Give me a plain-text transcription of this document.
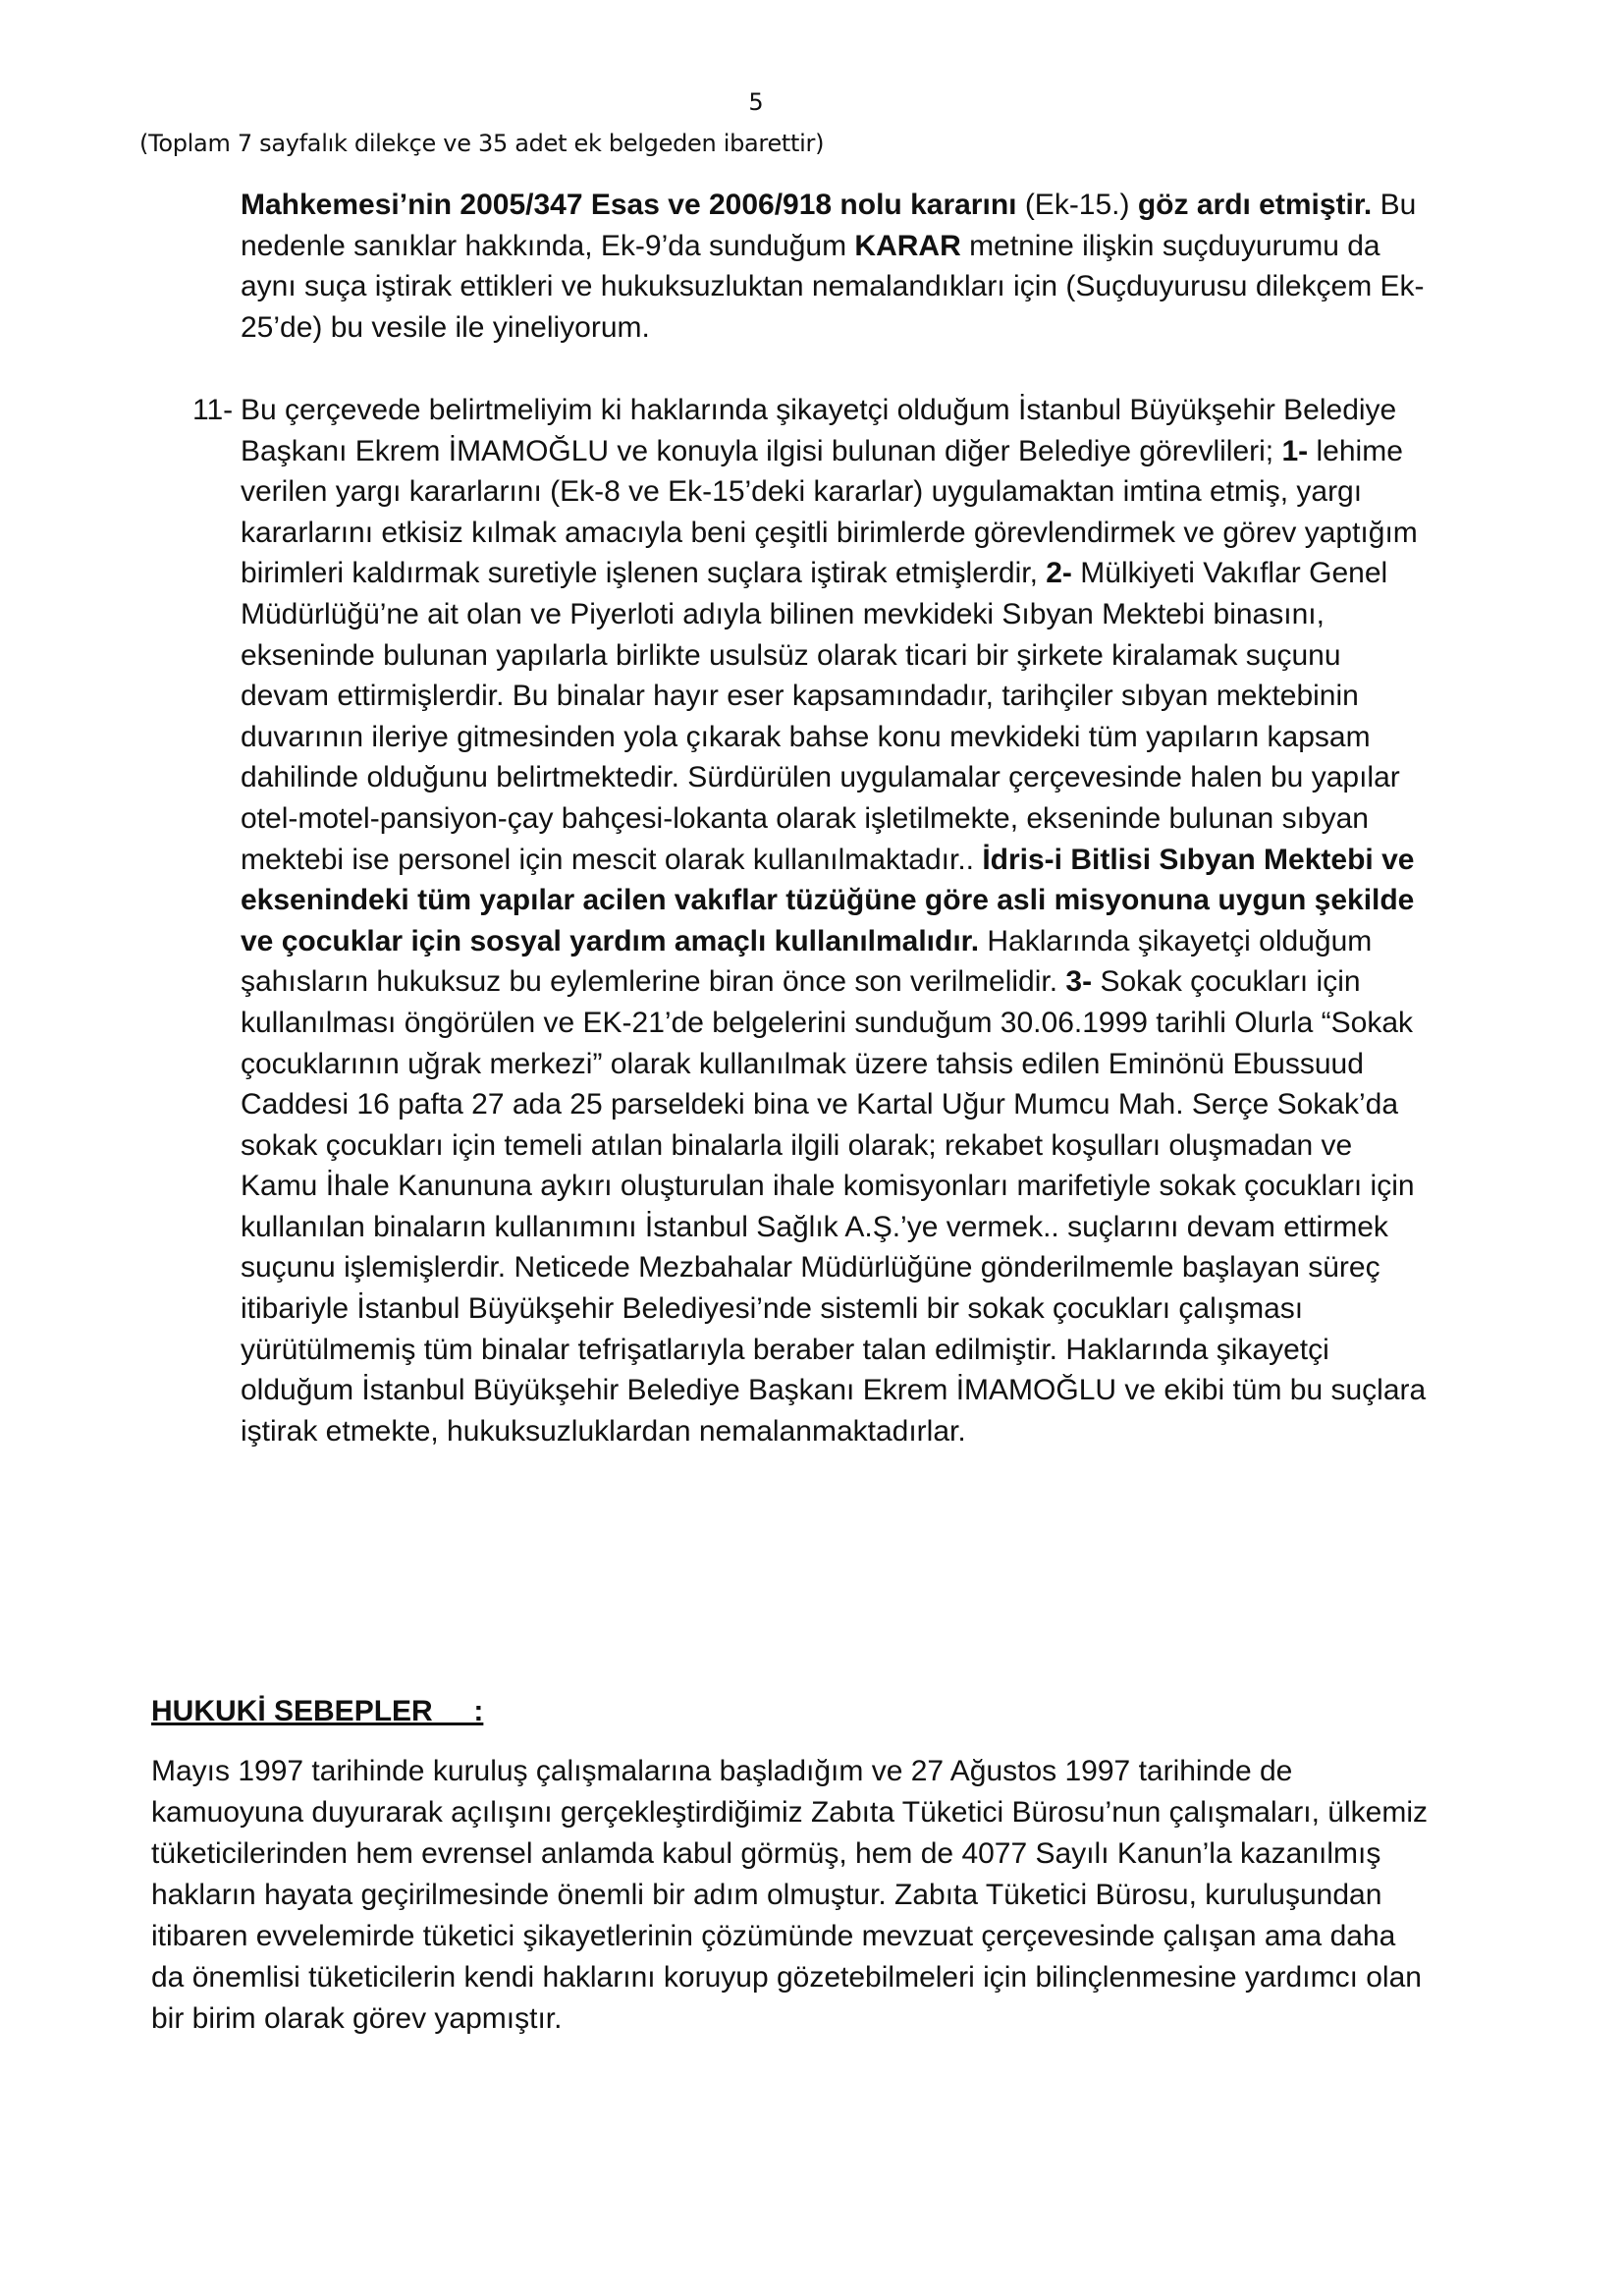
5
(Toplam 7 sayfalık dilekçe ve 35 adet ek belgeden ibarettir)

Mahkemesi’nin 2005/347 Esas ve 2006/918 nolu kararını (Ek-15.) göz ardı etmiştir. Bu nedenle sanıklar hakkında, Ek-9’da sunduğum KARAR metnine ilişkin suçduyurumu da aynı suça iştirak ettikleri ve hukuksuzluktan nemalandıkları için (Suçduyurusu dilekçem Ek-25’de) bu vesile ile yineliyorum.

11- Bu çerçevede belirtmeliyim ki haklarında şikayetçi olduğum İstanbul Büyükşehir Belediye Başkanı Ekrem İMAMOĞLU ve konuyla ilgisi bulunan diğer Belediye görevlileri; 1- lehime verilen yargı kararlarını (Ek-8 ve Ek-15’deki kararlar) uygulamaktan imtina etmiş, yargı kararlarını etkisiz kılmak amacıyla beni çeşitli birimlerde görevlendirmek ve görev yaptığım birimleri kaldırmak suretiyle işlenen suçlara iştirak etmişlerdir, 2- Mülkiyeti Vakıflar Genel Müdürlüğü’ne ait olan ve Piyerloti adıyla bilinen mevkideki Sıbyan Mektebi binasını, ekseninde bulunan yapılarla birlikte usulsüz olarak ticari bir şirkete kiralamak suçunu devam ettirmişlerdir. Bu binalar hayır eser kapsamındadır, tarihçiler sıbyan mektebinin duvarının ileriye gitmesinden yola çıkarak bahse konu mevkideki tüm yapıların kapsam dahilinde olduğunu belirtmektedir. Sürdürülen uygulamalar çerçevesinde halen bu yapılar otel-motel-pansiyon-çay bahçesi-lokanta olarak işletilmekte, ekseninde bulunan sıbyan mektebi ise personel için mescit olarak kullanılmaktadır.. İdris-i Bitlisi Sıbyan Mektebi ve eksenindeki tüm yapılar acilen vakıflar tüzüğüne göre asli misyonuna uygun şekilde ve çocuklar için sosyal yardım amaçlı kullanılmalıdır. Haklarında şikayetçi olduğum şahısların hukuksuz bu eylemlerine biran önce son verilmelidir. 3- Sokak çocukları için kullanılması öngörülen ve EK-21’de belgelerini sunduğum 30.06.1999 tarihli Olurla “Sokak çocuklarının uğrak merkezi” olarak kullanılmak üzere tahsis edilen Eminönü Ebussuud Caddesi 16 pafta 27 ada 25 parseldeki bina ve Kartal Uğur Mumcu Mah. Serçe Sokak’da sokak çocukları için temeli atılan binalarla ilgili olarak; rekabet koşulları oluşmadan ve Kamu İhale Kanununa aykırı oluşturulan ihale komisyonları marifetiyle sokak çocukları için kullanılan binaların kullanımını İstanbul Sağlık A.Ş.’ye vermek.. suçlarını devam ettirmek suçunu işlemişlerdir. Neticede Mezbahalar Müdürlüğüne gönderilmemle başlayan süreç itibariyle İstanbul Büyükşehir Belediyesi’nde sistemli bir sokak çocukları çalışması yürütülmemiş tüm binalar tefrişatlarıyla beraber talan edilmiştir. Haklarında şikayetçi olduğum İstanbul Büyükşehir Belediye Başkanı Ekrem İMAMOĞLU ve ekibi tüm bu suçlara iştirak etmekte, hukuksuzluklardan nemalanmaktadırlar.

HUKUKİ SEBEPLER     :

Mayıs 1997 tarihinde kuruluş çalışmalarına başladığım ve 27 Ağustos 1997 tarihinde de kamuoyuna duyurarak açılışını gerçekleştirdiğimiz Zabıta Tüketici Bürosu’nun çalışmaları, ülkemiz tüketicilerinden hem evrensel anlamda kabul görmüş, hem de 4077 Sayılı Kanun’la kazanılmış hakların hayata geçirilmesinde önemli bir adım olmuştur. Zabıta Tüketici Bürosu, kuruluşundan itibaren evvelemirde tüketici şikayetlerinin çözümünde mevzuat çerçevesinde çalışan ama daha da önemlisi tüketicilerin kendi haklarını koruyup gözetebilmeleri için bilinçlenmesine yardımcı olan bir birim olarak görev yapmıştır.
